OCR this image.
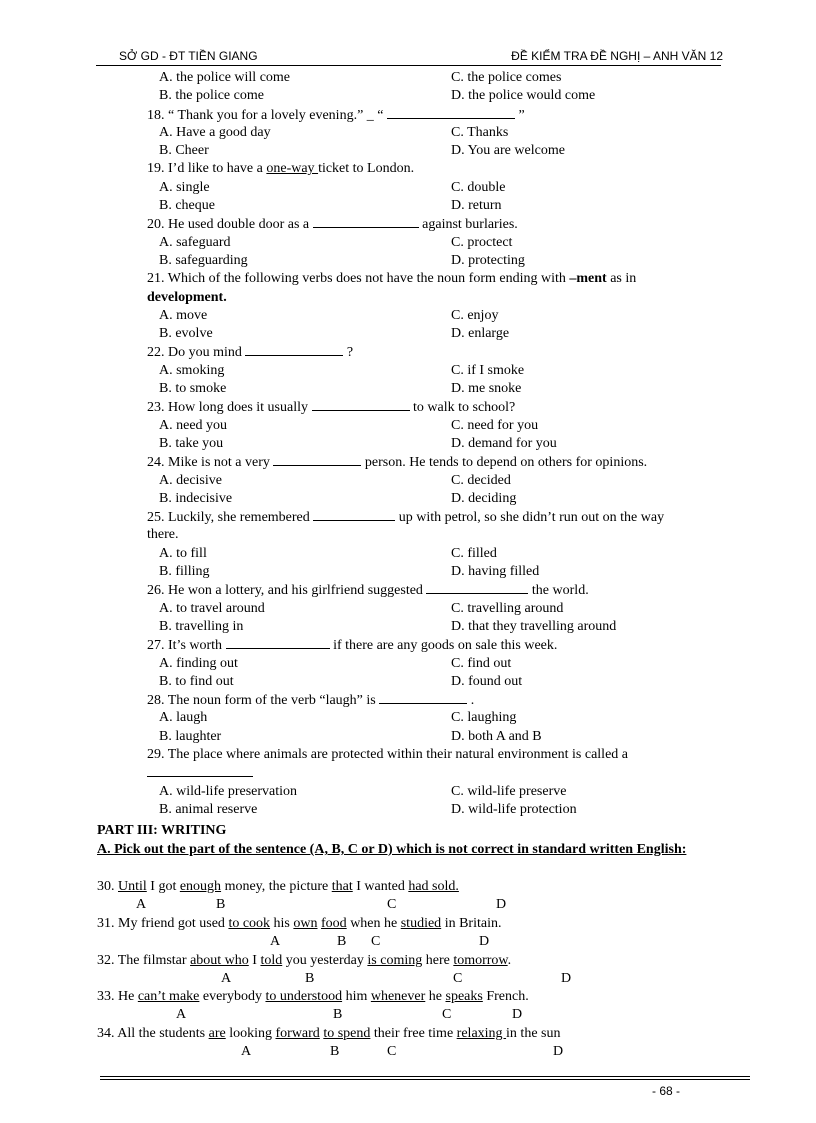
SỞ GD - ĐT TIỀN GIANG	ĐỀ KIỂM TRA ĐỀ NGHỊ – ANH VĂN 12
A. the police will come	C. the police comes
B. the police come	D. the police would come
18. “ Thank you for a lovely evening.” _ “	”
A. Have a good day	C. Thanks
B. Cheer	D. You are welcome
19. I’d like to have a one-way ticket to London.
A. single	C. double
B. cheque	D. return
20. He used double door as a	against burlaries.
A. safeguard	C. proctect
B. safeguarding	D. protecting
21. Which of the following verbs does not have the noun form ending with –ment as in
development.
A. move	C. enjoy
B. evolve	D. enlarge
22. Do you mind	?
A. smoking	C. if I smoke
B. to smoke	D. me snoke
23. How long does it usually	to walk to school?
A. need you	C. need for you
B. take you	D. demand for you
24. Mike is not a very	person. He tends to depend on others for opinions.
A. decisive	C. decided
B. indecisive	D. deciding
25. Luckily, she remembered	up with petrol, so she didn’t run out on the way
there.
A. to fill	C. filled
B. filling	D. having filled
26. He won a lottery, and his girlfriend suggested	the world.
A. to travel around	C. travelling around
B. travelling in	D. that they travelling around
27. It’s worth	if there are any goods on sale this week.
A. finding out	C. find out
B. to find out	D. found out
28. The noun form of the verb “laugh” is	.
A. laugh	C. laughing
B. laughter	D. both A and B
29. The place where animals are protected within their natural environment is called a
A. wild-life preservation	C. wild-life preserve
B. animal reserve	D. wild-life protection
PART III: WRITING
A. Pick out the part of the sentence (A, B, C or D) which is not correct in standard written English:
30. Until I got enough money, the picture that I wanted had sold.
A	B	C	D
31. My friend got used to cook his own food when he studied in Britain.
A	B C	D
32. The filmstar about who I told you yesterday is coming here tomorrow.
A	B	C	D
33. He can’t make everybody to understood him whenever he speaks French.
A	B	C	D
34. All the students are looking forward to spend their free time relaxing in the sun
A	B	C	D
- 68 -
